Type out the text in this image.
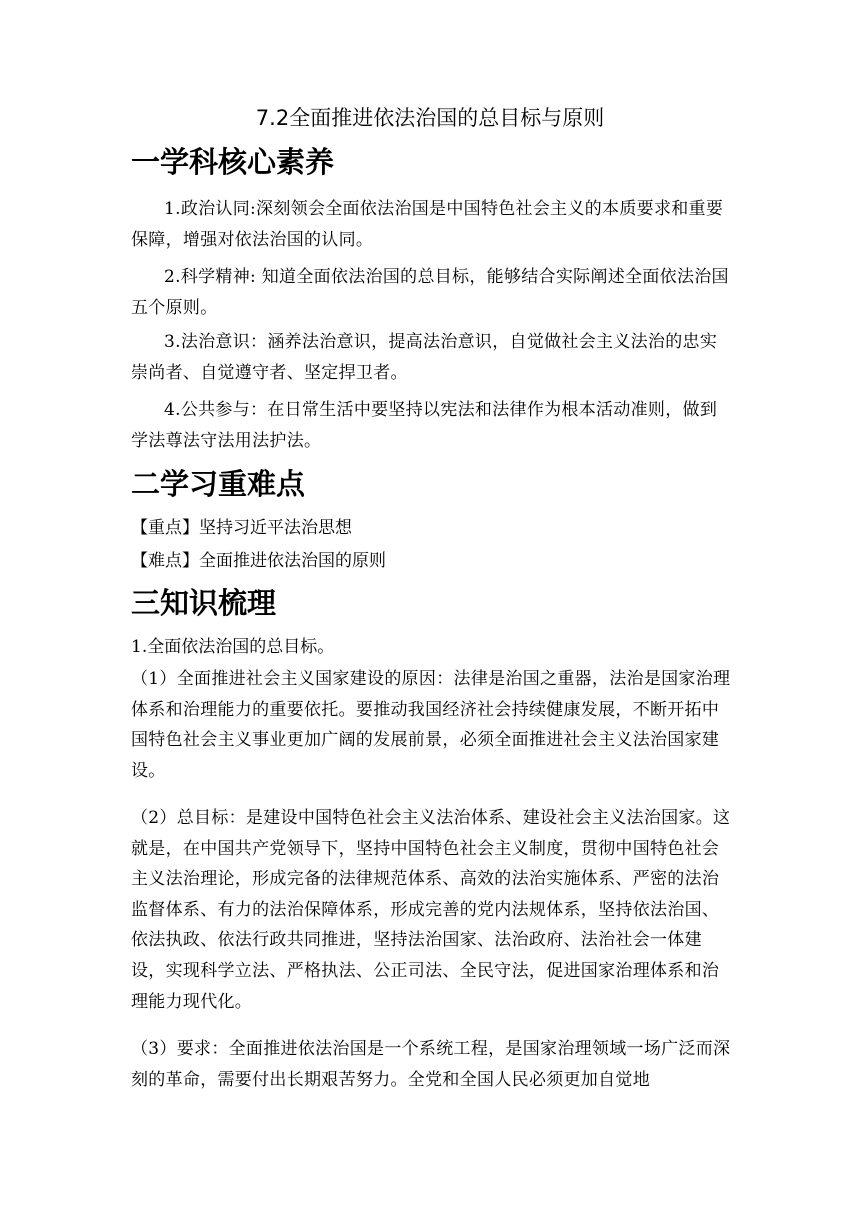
7.2全面推进依法治国的总目标与原则
一学科核心素养

1.政治认同:深刻领会全面依法治国是中国特色社会主义的本质要求和重要保障，增强对依法治国的认同。

2.科学精神: 知道全面依法治国的总目标，能够结合实际阐述全面依法治国五个原则。

3.法治意识：涵养法治意识，提高法治意识，自觉做社会主义法治的忠实崇尚者、自觉遵守者、坚定捍卫者。

4.公共参与：在日常生活中要坚持以宪法和法律作为根本活动准则，做到学法尊法守法用法护法。

二学习重难点
【重点】坚持习近平法治思想
【难点】全面推进依法治国的原则
三知识梳理
1.全面依法治国的总目标。

（1）全面推进社会主义国家建设的原因：法律是治国之重器，法治是国家治理体系和治理能力的重要依托。要推动我国经济社会持续健康发展，不断开拓中国特色社会主义事业更加广阔的发展前景，必须全面推进社会主义法治国家建设。

（2）总目标：是建设中国特色社会主义法治体系、建设社会主义法治国家。这就是，在中国共产党领导下，坚持中国特色社会主义制度，贯彻中国特色社会主义法治理论，形成完备的法律规范体系、高效的法治实施体系、严密的法治监督体系、有力的法治保障体系，形成完善的党内法规体系，坚持依法治国、依法执政、依法行政共同推进，坚持法治国家、法治政府、法治社会一体建设，实现科学立法、严格执法、公正司法、全民守法，促进国家治理体系和治理能力现代化。

（3）要求：全面推进依法治国是一个系统工程，是国家治理领域一场广泛而深刻的革命，需要付出长期艰苦努力。全党和全国人民必须更加自觉地
